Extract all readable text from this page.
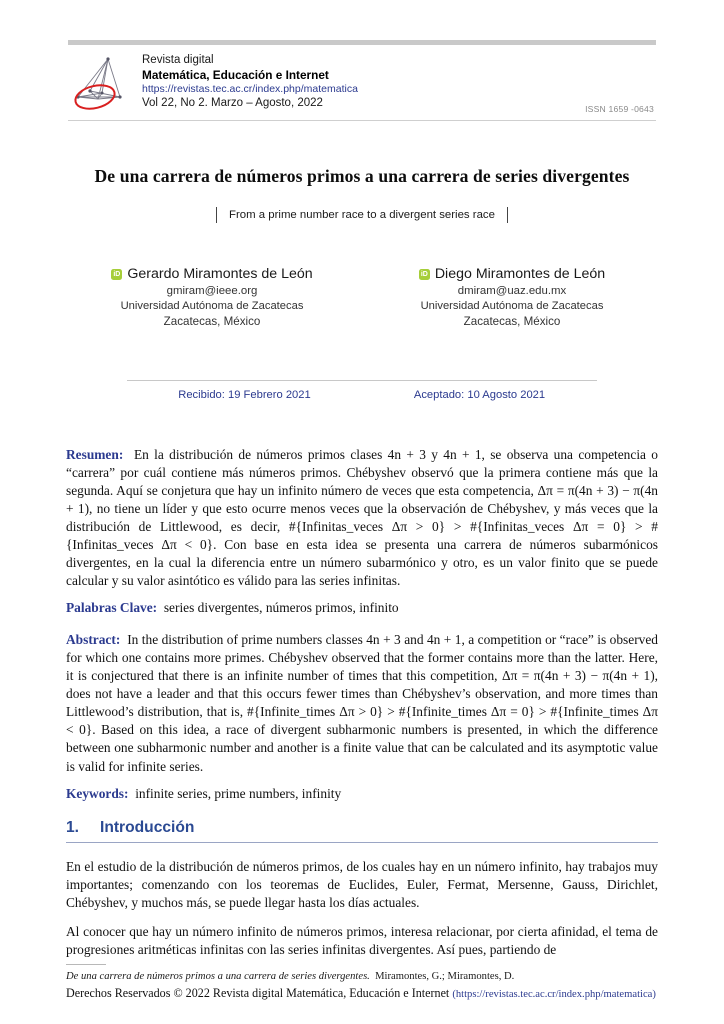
Revista digital
Matemática, Educación e Internet
https://revistas.tec.ac.cr/index.php/matematica
Vol 22, No 2. Marzo – Agosto, 2022	ISSN 1659 -0643
De una carrera de números primos a una carrera de series divergentes
From a prime number race to a divergent series race
iD Gerardo Miramontes de León
gmiram@ieee.org
Universidad Autónoma de Zacatecas
Zacatecas, México
iD Diego Miramontes de León
dmiram@uaz.edu.mx
Universidad Autónoma de Zacatecas
Zacatecas, México
Recibido: 19 Febrero 2021	Aceptado: 10 Agosto 2021

Resumen:  En la distribución de números primos clases 4n + 3 y 4n + 1, se observa una competencia o “carrera” por cuál contiene más números primos. Chébyshev observó que la primera contiene más que la segunda. Aquí se conjetura que hay un infinito número de veces que esta competencia, Δπ = π(4n + 3) − π(4n + 1), no tiene un líder y que esto ocurre menos veces que la observación de Chébyshev, y más veces que la distribución de Littlewood, es decir, #{Infinitas_veces Δπ > 0} > #{Infinitas_veces Δπ = 0} > #{Infinitas_veces Δπ < 0}. Con base en esta idea se presenta una carrera de números subarmónicos divergentes, en la cual la diferencia entre un número subarmónico y otro, es un valor finito que se puede calcular y su valor asintótico es válido para las series infinitas.

Palabras Clave:  series divergentes, números primos, infinito

Abstract:  In the distribution of prime numbers classes 4n + 3 and 4n + 1, a competition or “race” is observed for which one contains more primes. Chébyshev observed that the former contains more than the latter. Here, it is conjectured that there is an infinite number of times that this competition, Δπ = π(4n + 3) − π(4n + 1), does not have a leader and that this occurs fewer times than Chébyshev’s observation, and more times than Littlewood’s distribution, that is, #{Infinite_times Δπ > 0} > #{Infinite_times Δπ = 0} > #{Infinite_times Δπ < 0}. Based on this idea, a race of divergent subharmonic numbers is presented, in which the difference between one subharmonic number and another is a finite value that can be calculated and its asymptotic value is valid for infinite series.

Keywords:  infinite series, prime numbers, infinity

1.	Introducción

En el estudio de la distribución de números primos, de los cuales hay en un número infinito, hay trabajos muy importantes; comenzando con los teoremas de Euclides, Euler, Fermat, Mersenne, Gauss, Dirichlet, Chébyshev, y muchos más, se puede llegar hasta los días actuales.

Al conocer que hay un número infinito de números primos, interesa relacionar, por cierta afinidad, el tema de progresiones aritméticas infinitas con las series infinitas divergentes. Así pues, partiendo de

De una carrera de números primos a una carrera de series divergentes. Miramontes, G.; Miramontes, D.
Derechos Reservados © 2022 Revista digital Matemática, Educación e Internet (https://revistas.tec.ac.cr/index.php/matematica)
